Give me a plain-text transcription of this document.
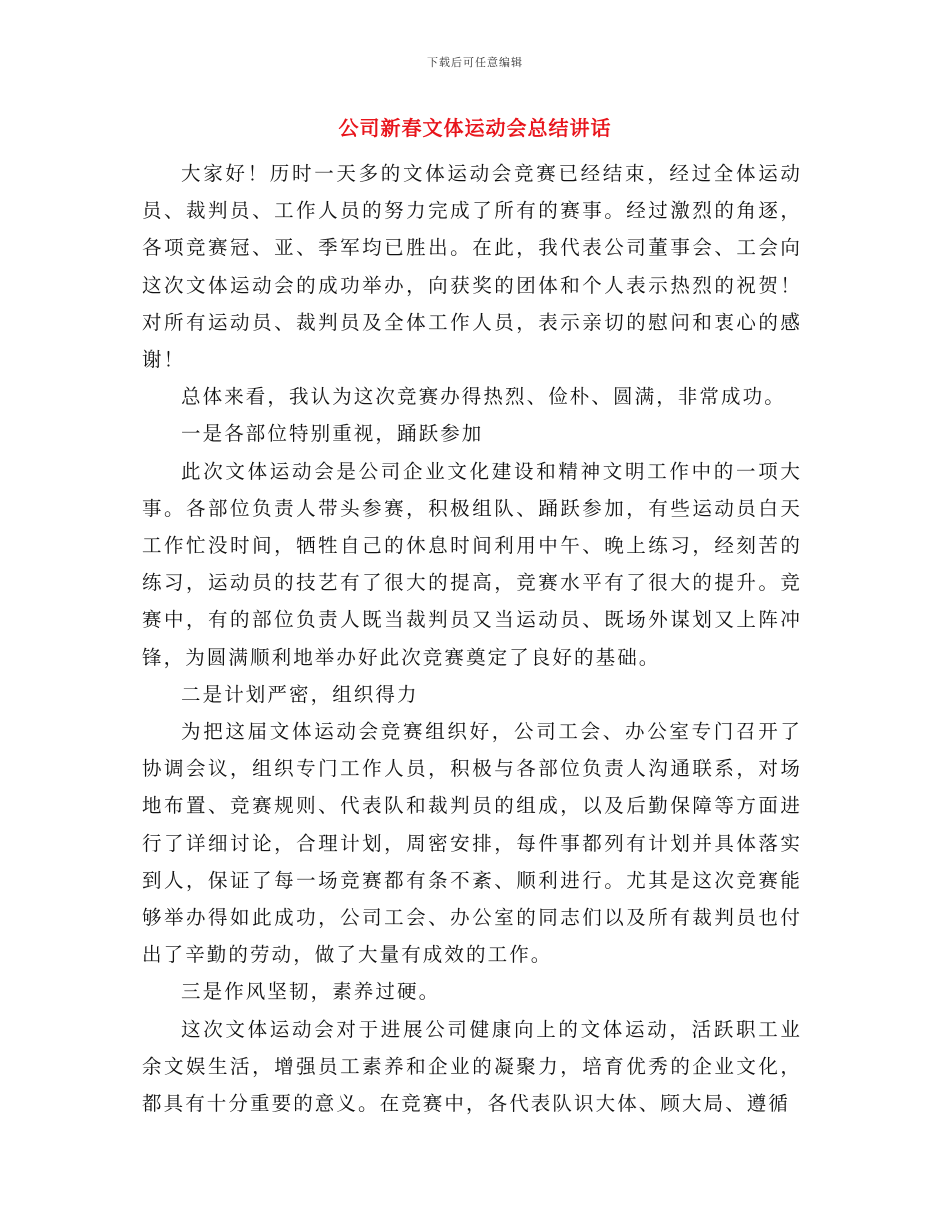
下载后可任意编辑
公司新春文体运动会总结讲话

大家好！历时一天多的文体运动会竞赛已经结束，经过全体运动员、裁判员、工作人员的努力完成了所有的赛事。经过激烈的角逐，各项竞赛冠、亚、季军均已胜出。在此，我代表公司董事会、工会向这次文体运动会的成功举办，向获奖的团体和个人表示热烈的祝贺！对所有运动员、裁判员及全体工作人员，表示亲切的慰问和衷心的感谢！

总体来看，我认为这次竞赛办得热烈、俭朴、圆满，非常成功。

一是各部位特别重视，踊跃参加

此次文体运动会是公司企业文化建设和精神文明工作中的一项大事。各部位负责人带头参赛，积极组队、踊跃参加，有些运动员白天工作忙没时间，牺牲自己的休息时间利用中午、晚上练习，经刻苦的练习，运动员的技艺有了很大的提高，竞赛水平有了很大的提升。竞赛中，有的部位负责人既当裁判员又当运动员、既场外谋划又上阵冲锋，为圆满顺利地举办好此次竞赛奠定了良好的基础。

二是计划严密，组织得力

为把这届文体运动会竞赛组织好，公司工会、办公室专门召开了协调会议，组织专门工作人员，积极与各部位负责人沟通联系，对场地布置、竞赛规则、代表队和裁判员的组成，以及后勤保障等方面进行了详细讨论，合理计划，周密安排，每件事都列有计划并具体落实到人，保证了每一场竞赛都有条不紊、顺利进行。尤其是这次竞赛能够举办得如此成功，公司工会、办公室的同志们以及所有裁判员也付出了辛勤的劳动，做了大量有成效的工作。

三是作风坚韧，素养过硬。

这次文体运动会对于进展公司健康向上的文体运动，活跃职工业余文娱生活，增强员工素养和企业的凝聚力，培育优秀的企业文化，都具有十分重要的意义。在竞赛中，各代表队识大体、顾大局、遵循
